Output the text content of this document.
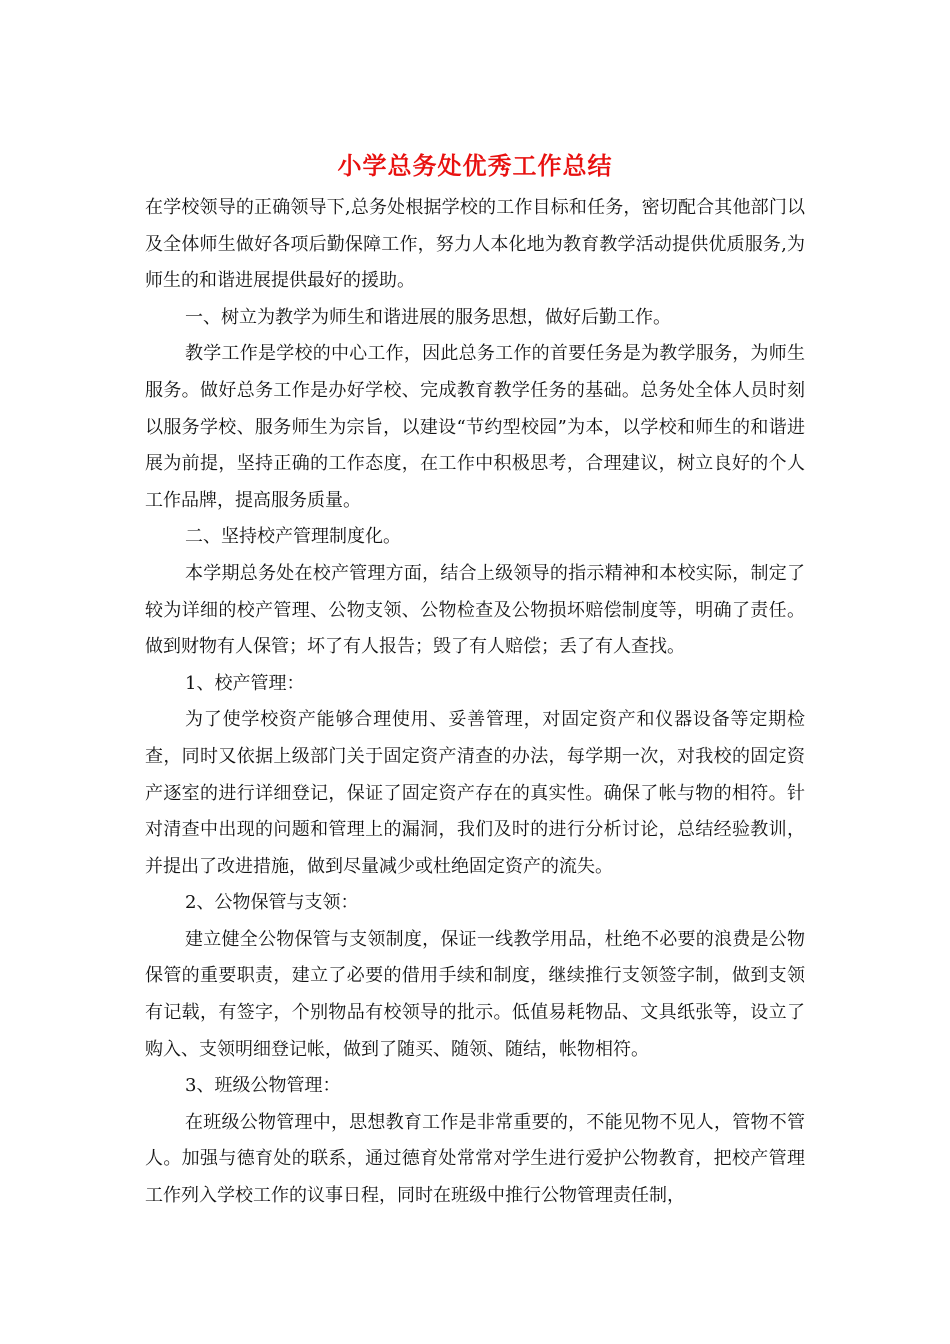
小学总务处优秀工作总结

在学校领导的正确领导下,总务处根据学校的工作目标和任务，密切配合其他部门以及全体师生做好各项后勤保障工作，努力人本化地为教育教学活动提供优质服务,为师生的和谐进展提供最好的援助。

一、树立为教学为师生和谐进展的服务思想，做好后勤工作。

教学工作是学校的中心工作，因此总务工作的首要任务是为教学服务，为师生服务。做好总务工作是办好学校、完成教育教学任务的基础。总务处全体人员时刻以服务学校、服务师生为宗旨，以建设“节约型校园”为本，以学校和师生的和谐进展为前提，坚持正确的工作态度，在工作中积极思考，合理建议，树立良好的个人工作品牌，提高服务质量。

二、坚持校产管理制度化。

本学期总务处在校产管理方面，结合上级领导的指示精神和本校实际，制定了较为详细的校产管理、公物支领、公物检查及公物损坏赔偿制度等，明确了责任。做到财物有人保管；坏了有人报告；毁了有人赔偿；丢了有人查找。

1、校产管理：

为了使学校资产能够合理使用、妥善管理，对固定资产和仪器设备等定期检查，同时又依据上级部门关于固定资产清查的办法，每学期一次，对我校的固定资产逐室的进行详细登记，保证了固定资产存在的真实性。确保了帐与物的相符。针对清查中出现的问题和管理上的漏洞，我们及时的进行分析讨论，总结经验教训，并提出了改进措施，做到尽量减少或杜绝固定资产的流失。

2、公物保管与支领：

建立健全公物保管与支领制度，保证一线教学用品，杜绝不必要的浪费是公物保管的重要职责，建立了必要的借用手续和制度，继续推行支领签字制，做到支领有记载，有签字，个别物品有校领导的批示。低值易耗物品、文具纸张等，设立了购入、支领明细登记帐，做到了随买、随领、随结，帐物相符。

3、班级公物管理：

在班级公物管理中，思想教育工作是非常重要的，不能见物不见人，管物不管人。加强与德育处的联系，通过德育处常常对学生进行爱护公物教育，把校产管理工作列入学校工作的议事日程，同时在班级中推行公物管理责任制，
